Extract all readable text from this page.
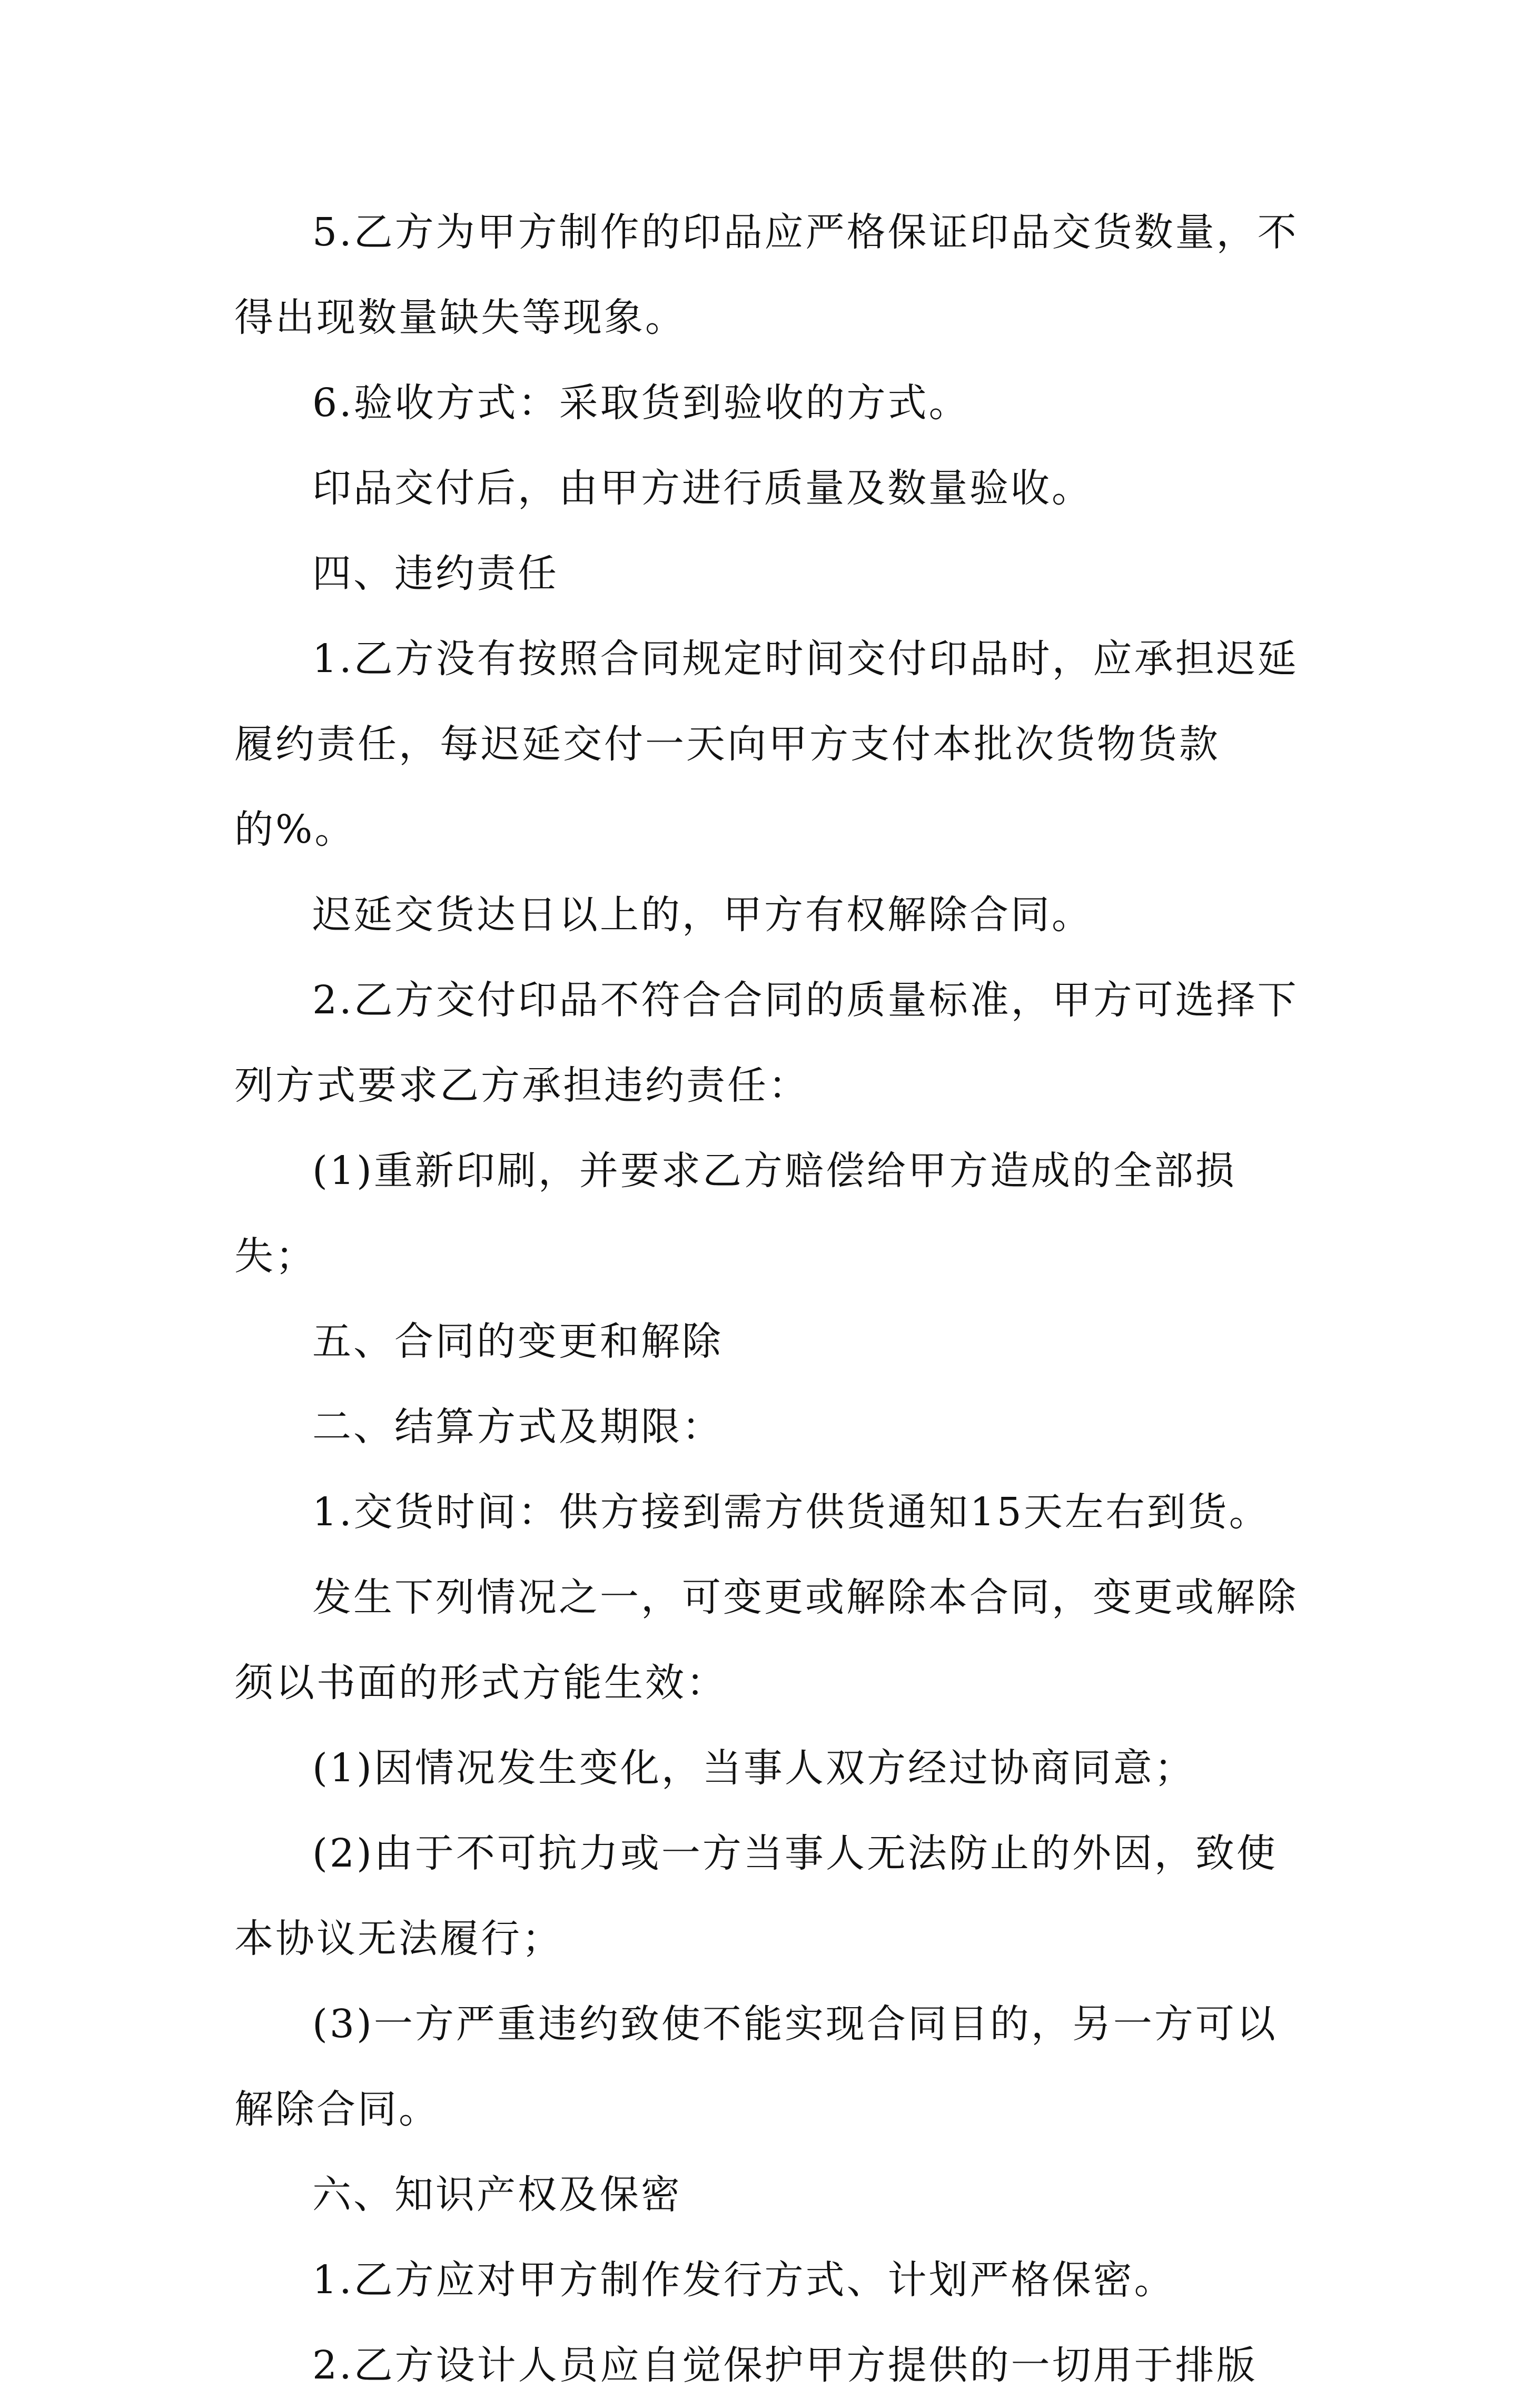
5.乙方为甲方制作的印品应严格保证印品交货数量，不得出现数量缺失等现象。

6.验收方式：采取货到验收的方式。

印品交付后，由甲方进行质量及数量验收。

四、违约责任

1.乙方没有按照合同规定时间交付印品时，应承担迟延履约责任，每迟延交付一天向甲方支付本批次货物货款的%。

迟延交货达日以上的，甲方有权解除合同。

2.乙方交付印品不符合合同的质量标准，甲方可选择下列方式要求乙方承担违约责任：

(1)重新印刷，并要求乙方赔偿给甲方造成的全部损失；

五、合同的变更和解除

二、结算方式及期限：

1.交货时间：供方接到需方供货通知15天左右到货。

发生下列情况之一，可变更或解除本合同，变更或解除须以书面的形式方能生效：

(1)因情况发生变化，当事人双方经过协商同意；

(2)由于不可抗力或一方当事人无法防止的外因，致使本协议无法履行；

(3)一方严重违约致使不能实现合同目的，另一方可以解除合同。

六、知识产权及保密

1.乙方应对甲方制作发行方式、计划严格保密。

2.乙方设计人员应自觉保护甲方提供的一切用于排版
